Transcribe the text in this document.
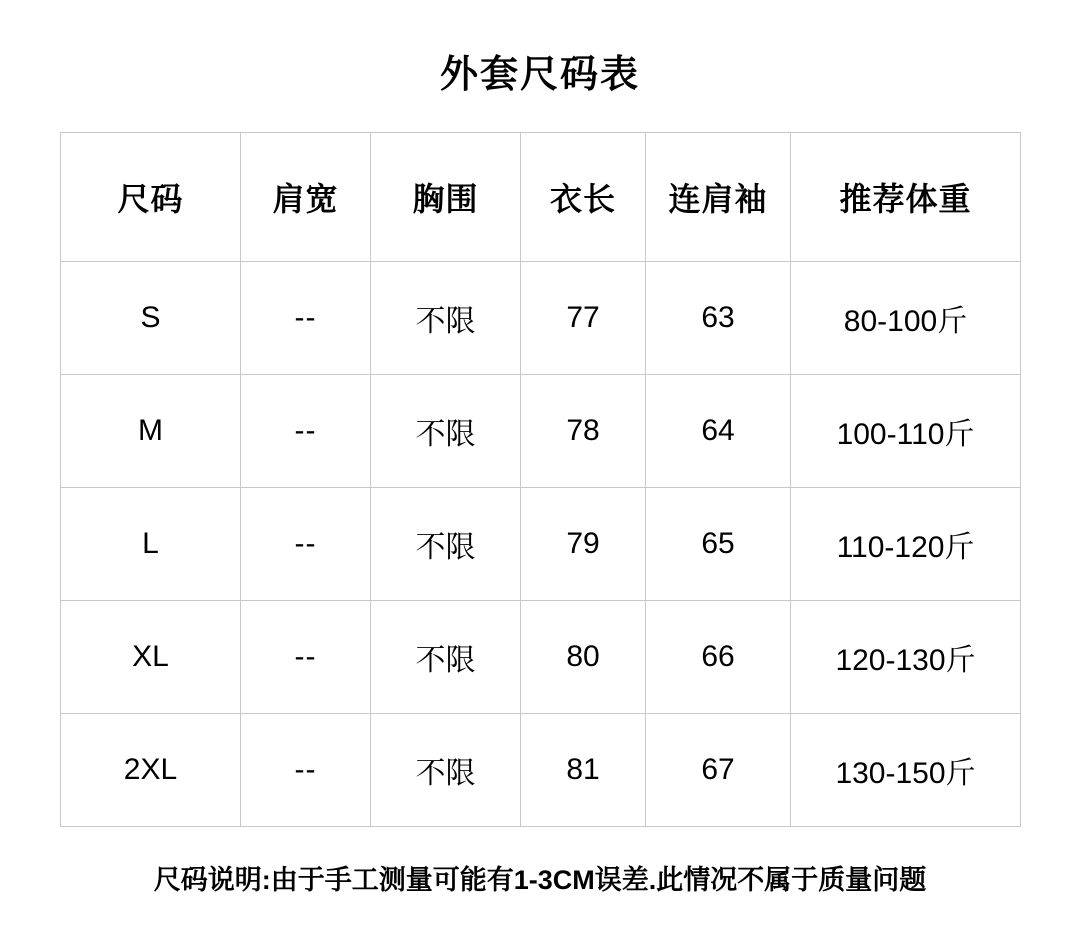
外套尺码表
尺码	肩宽	胸围	衣长	连肩袖	推荐体重
S	--	不限	77	63	80-100斤
M	--	不限	78	64	100-110斤
L	--	不限	79	65	110-120斤
XL	--	不限	80	66	120-130斤
2XL	--	不限	81	67	130-150斤
尺码说明:由于手工测量可能有1-3CM误差.此情况不属于质量问题
